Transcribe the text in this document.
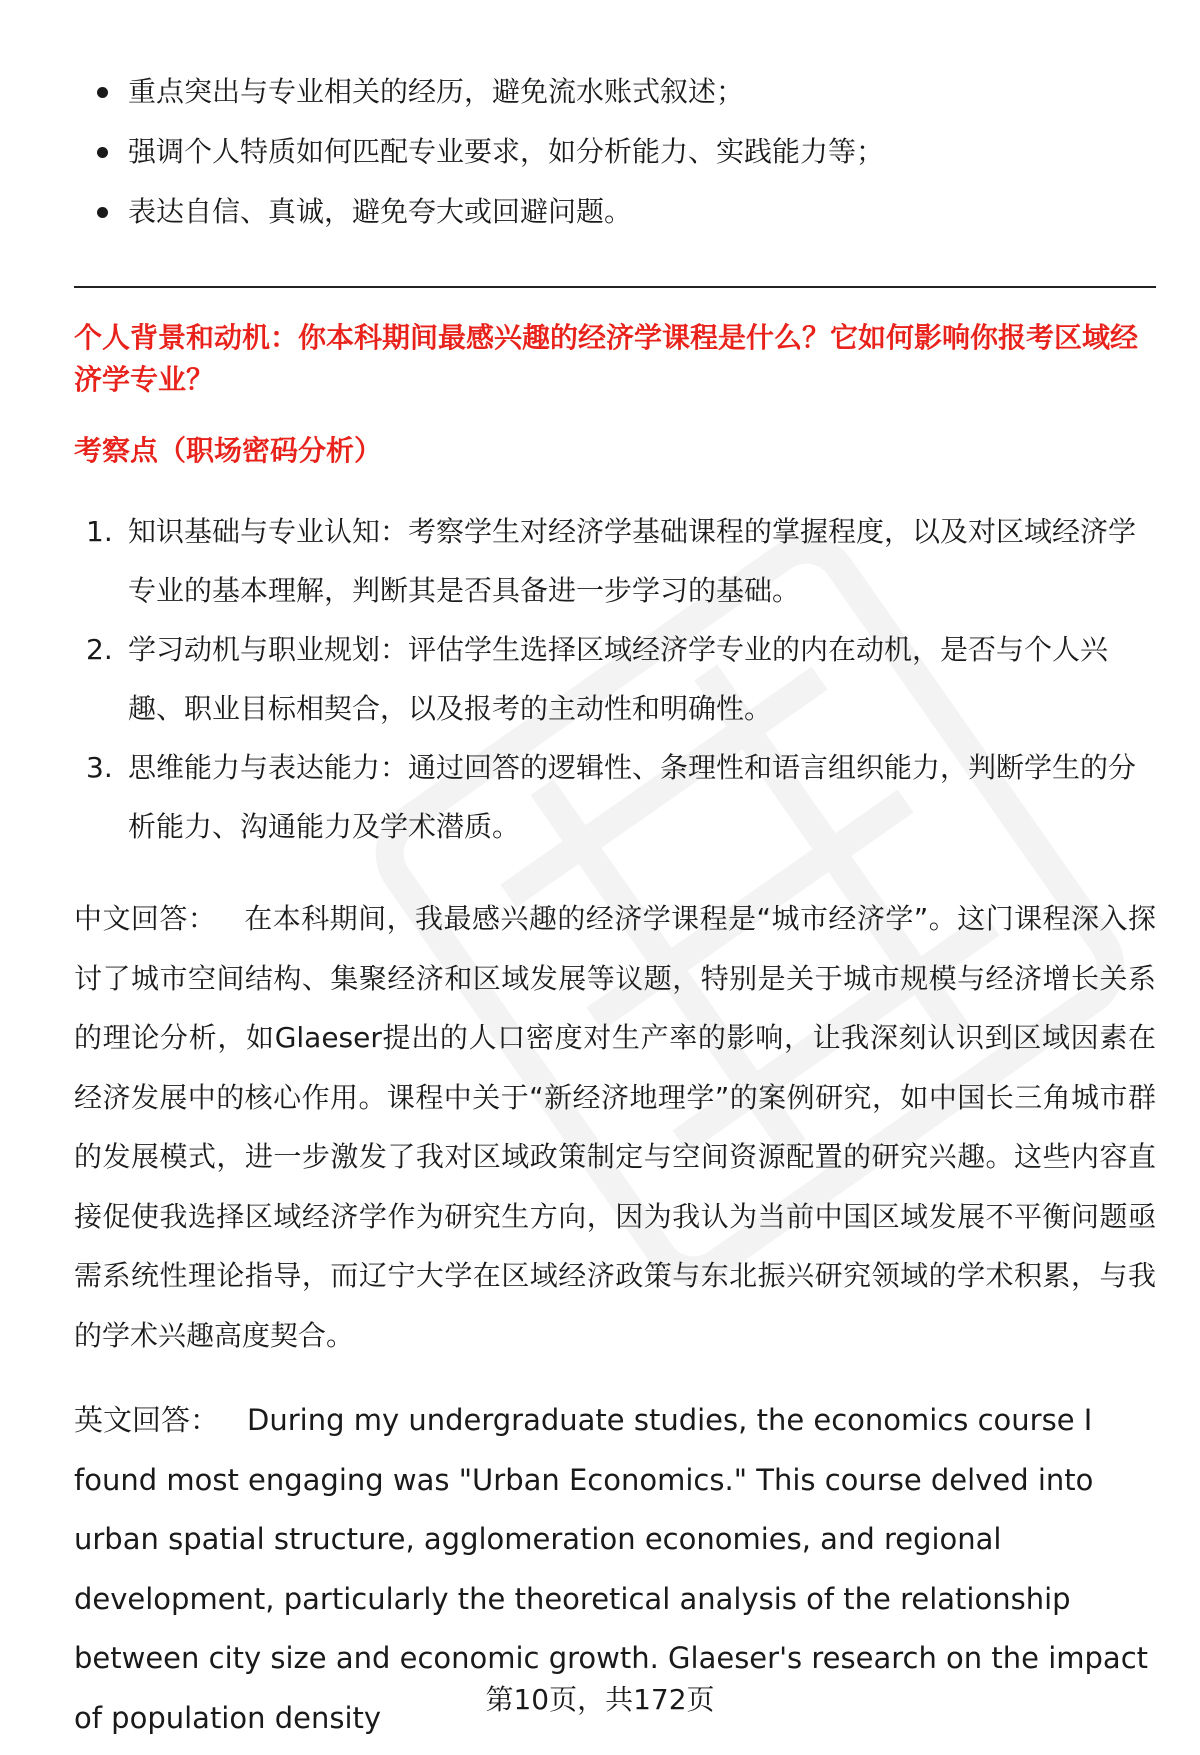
重点突出与专业相关的经历，避免流水账式叙述；
强调个人特质如何匹配专业要求，如分析能力、实践能力等；
表达自信、真诚，避免夸大或回避问题。

个人背景和动机：你本科期间最感兴趣的经济学课程是什么？它如何影响你报考区域经济学专业？

考察点（职场密码分析）

1. 知识基础与专业认知：考察学生对经济学基础课程的掌握程度，以及对区域经济学专业的基本理解，判断其是否具备进一步学习的基础。
2. 学习动机与职业规划：评估学生选择区域经济学专业的内在动机，是否与个人兴趣、职业目标相契合，以及报考的主动性和明确性。
3. 思维能力与表达能力：通过回答的逻辑性、条理性和语言组织能力，判断学生的分析能力、沟通能力及学术潜质。

中文回答： 在本科期间，我最感兴趣的经济学课程是“城市经济学”。这门课程深入探讨了城市空间结构、集聚经济和区域发展等议题，特别是关于城市规模与经济增长关系的理论分析，如Glaeser提出的人口密度对生产率的影响，让我深刻认识到区域因素在经济发展中的核心作用。课程中关于“新经济地理学”的案例研究，如中国长三角城市群的发展模式，进一步激发了我对区域政策制定与空间资源配置的研究兴趣。这些内容直接促使我选择区域经济学作为研究生方向，因为我认为当前中国区域发展不平衡问题亟需系统性理论指导，而辽宁大学在区域经济政策与东北振兴研究领域的学术积累，与我的学术兴趣高度契合。

英文回答： During my undergraduate studies, the economics course I found most engaging was "Urban Economics." This course delved into urban spatial structure, agglomeration economies, and regional development, particularly the theoretical analysis of the relationship between city size and economic growth. Glaeser's research on the impact of population density

第10页，共172页
